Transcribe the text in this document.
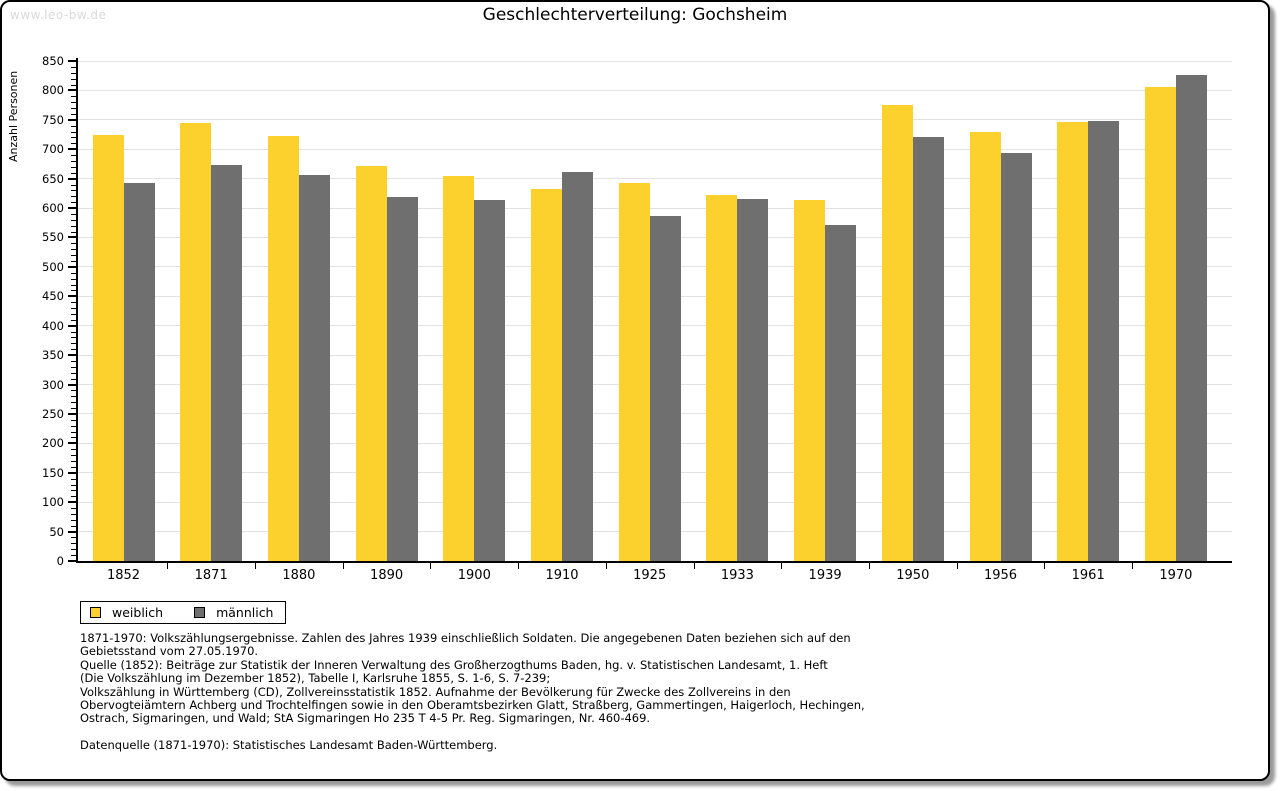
www.leo-bw.de	Geschlechterverteilung: Gochsheim
Anzahl Personen
0
50
100
150
200
250
300
350
400
450
500
550
600
650
700
750
800
850
1852	1871	1880	1890	1900	1910	1925	1933	1939	1950	1956	1961	1970
weiblich	männlich
1871-1970: Volkszählungsergebnisse. Zahlen des Jahres 1939 einschließlich Soldaten. Die angegebenen Daten beziehen sich auf den
Gebietsstand vom 27.05.1970.
Quelle (1852): Beiträge zur Statistik der Inneren Verwaltung des Großherzogthums Baden, hg. v. Statistischen Landesamt, 1. Heft
(Die Volkszählung im Dezember 1852), Tabelle I, Karlsruhe 1855, S. 1-6, S. 7-239;
Volkszählung in Württemberg (CD), Zollvereinsstatistik 1852. Aufnahme der Bevölkerung für Zwecke des Zollvereins in den
Obervogteiämtern Achberg und Trochtelfingen sowie in den Oberamtsbezirken Glatt, Straßberg, Gammertingen, Haigerloch, Hechingen,
Ostrach, Sigmaringen, und Wald; StA Sigmaringen Ho 235 T 4-5 Pr. Reg. Sigmaringen, Nr. 460-469.
Datenquelle (1871-1970): Statistisches Landesamt Baden-Württemberg.
